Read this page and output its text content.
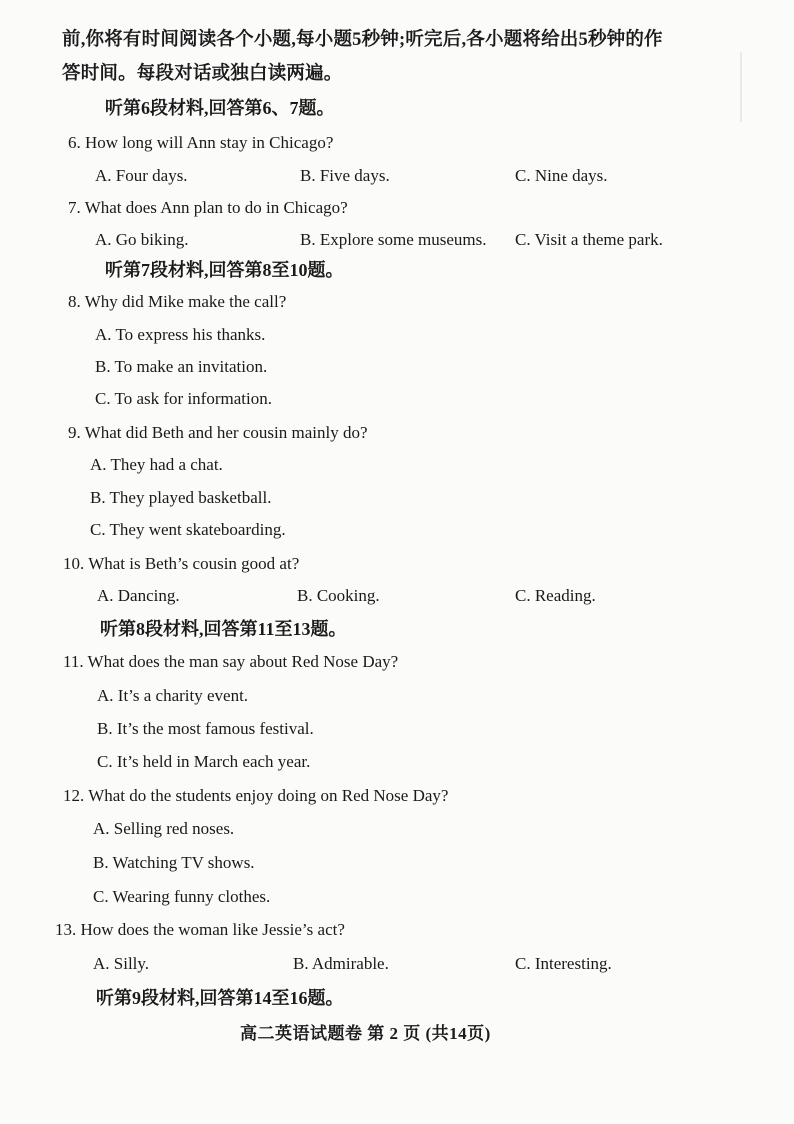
前,你将有时间阅读各个小题,每小题5秒钟;听完后,各小题将给出5秒钟的作
答时间。每段对话或独白读两遍。
听第6段材料,回答第6、7题。
6. How long will Ann stay in Chicago?
A. Four days.	B. Five days.	C. Nine days.
7. What does Ann plan to do in Chicago?
A. Go biking.	B. Explore some museums. C. Visit a theme park.
听第7段材料,回答第8至10题。
8. Why did Mike make the call?
A. To express his thanks.
B. To make an invitation.
C. To ask for information.
9. What did Beth and her cousin mainly do?
A. They had a chat.
B. They played basketball.
C. They went skateboarding.
10. What is Beth’s cousin good at?
A. Dancing.	B. Cooking.	C. Reading.
听第8段材料,回答第11至13题。
11. What does the man say about Red Nose Day?
A. It’s a charity event.
B. It’s the most famous festival.
C. It’s held in March each year.
12. What do the students enjoy doing on Red Nose Day?
A. Selling red noses.
B. Watching TV shows.
C. Wearing funny clothes.
13. How does the woman like Jessie’s act?
A. Silly.	B. Admirable.	C. Interesting.
听第9段材料,回答第14至16题。
高二英语试题卷 第 2 页 (共14页)
